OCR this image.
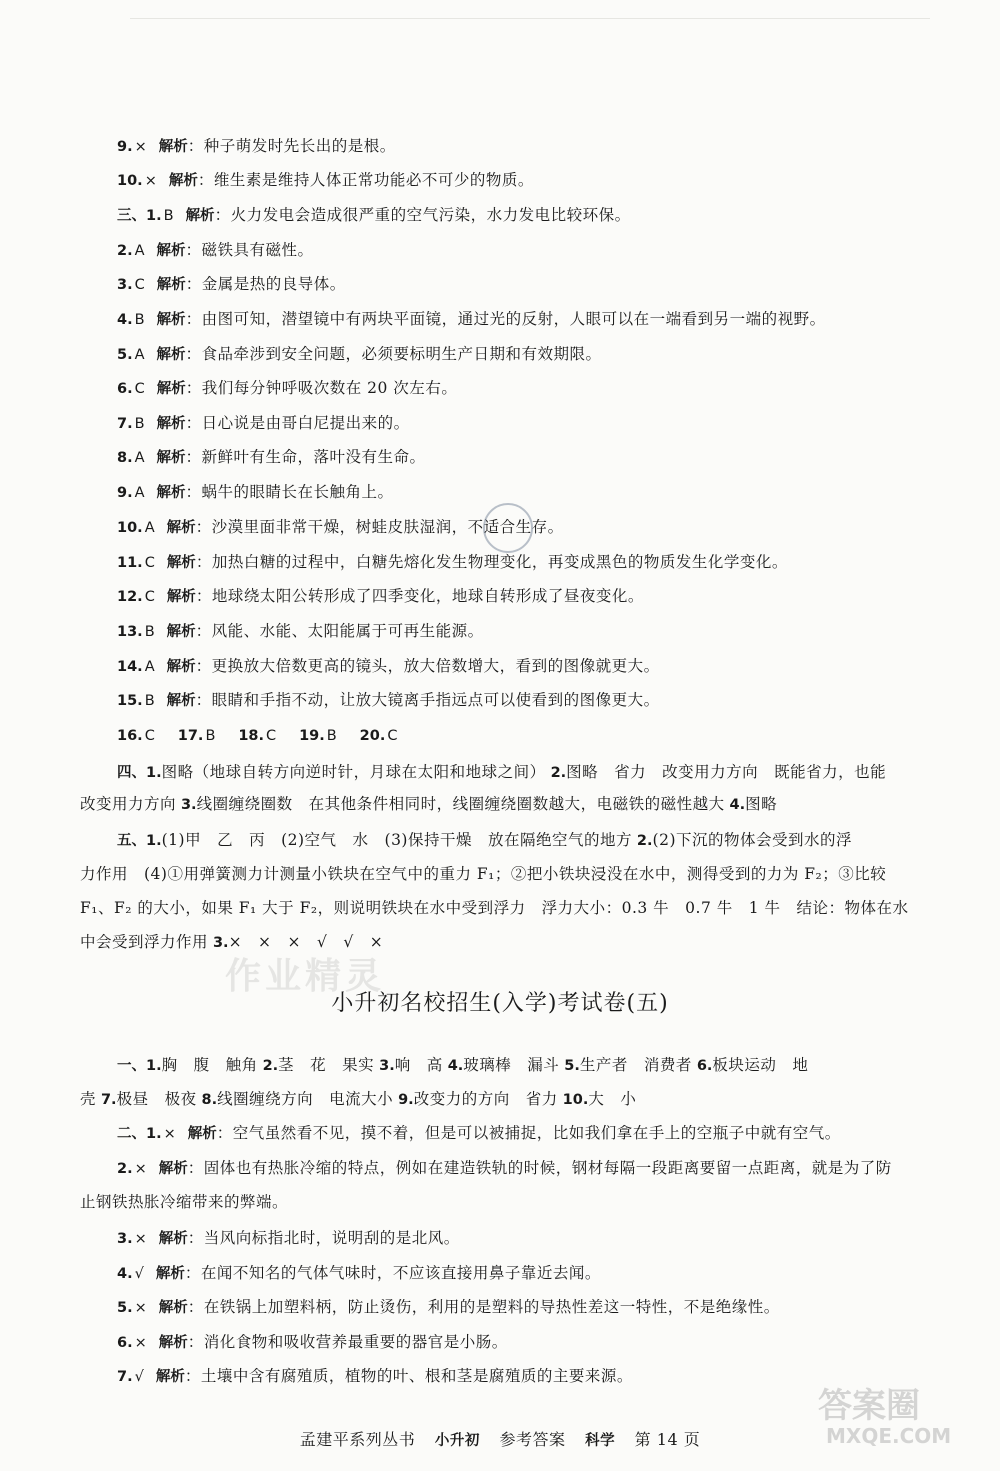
9. × 解析：种子萌发时先长出的是根。
10. × 解析：维生素是维持人体正常功能必不可少的物质。
三、1. B 解析：火力发电会造成很严重的空气污染，水力发电比较环保。
2. A 解析：磁铁具有磁性。
3. C 解析：金属是热的良导体。
4. B 解析：由图可知，潜望镜中有两块平面镜，通过光的反射，人眼可以在一端看到另一端的视野。
5. A 解析：食品牵涉到安全问题，必须要标明生产日期和有效期限。
6. C 解析：我们每分钟呼吸次数在 20 次左右。
7. B 解析：日心说是由哥白尼提出来的。
8. A 解析：新鲜叶有生命，落叶没有生命。
9. A 解析：蜗牛的眼睛长在长触角上。
10. A 解析：沙漠里面非常干燥，树蛙皮肤湿润，不适合生存。
11. C 解析：加热白糖的过程中，白糖先熔化发生物理变化，再变成黑色的物质发生化学变化。
12. C 解析：地球绕太阳公转形成了四季变化，地球自转形成了昼夜变化。
13. B 解析：风能、水能、太阳能属于可再生能源。
14. A 解析：更换放大倍数更高的镜头，放大倍数增大，看到的图像就更大。
15. B 解析：眼睛和手指不动，让放大镜离手指远点可以使看到的图像更大。
16. C 17. B 18. C 19. B 20. C
四、1.图略（地球自转方向逆时针，月球在太阳和地球之间） 2.图略　省力　改变用力方向　既能省力，也能
改变用力方向 3.线圈缠绕圈数　在其他条件相同时，线圈缠绕圈数越大，电磁铁的磁性越大 4.图略
五、1.(1)甲　乙　丙　(2)空气　水　(3)保持干燥　放在隔绝空气的地方 2.(2)下沉的物体会受到水的浮
力作用　(4)①用弹簧测力计测量小铁块在空气中的重力 F₁；②把小铁块浸没在水中，测得受到的力为 F₂；③比较
F₁、F₂ 的大小，如果 F₁ 大于 F₂，则说明铁块在水中受到浮力　浮力大小：0.3 牛　0.7 牛　1 牛　结论：物体在水
中会受到浮力作用 3.×　×　×　√　√　×
作业精灵
小升初名校招生(入学)考试卷(五)
一、1.胸　腹　触角 2.茎　花　果实 3.响　高 4.玻璃棒　漏斗 5.生产者　消费者 6.板块运动　地
壳 7.极昼　极夜 8.线圈缠绕方向　电流大小 9.改变力的方向　省力 10.大　小
二、1. × 解析：空气虽然看不见，摸不着，但是可以被捕捉，比如我们拿在手上的空瓶子中就有空气。
2. × 解析：固体也有热胀冷缩的特点，例如在建造铁轨的时候，钢材每隔一段距离要留一点距离，就是为了防
止钢铁热胀冷缩带来的弊端。
3. × 解析：当风向标指北时，说明刮的是北风。
4. √ 解析：在闻不知名的气体气味时，不应该直接用鼻子靠近去闻。
5. × 解析：在铁锅上加塑料柄，防止烫伤，利用的是塑料的导热性差这一特性，不是绝缘性。
6. × 解析：消化食物和吸收营养最重要的器官是小肠。
7. √ 解析：土壤中含有腐殖质，植物的叶、根和茎是腐殖质的主要来源。
孟建平系列丛书 小升初 参考答案 科学 第 14 页
答案圈
MXQE.COM
